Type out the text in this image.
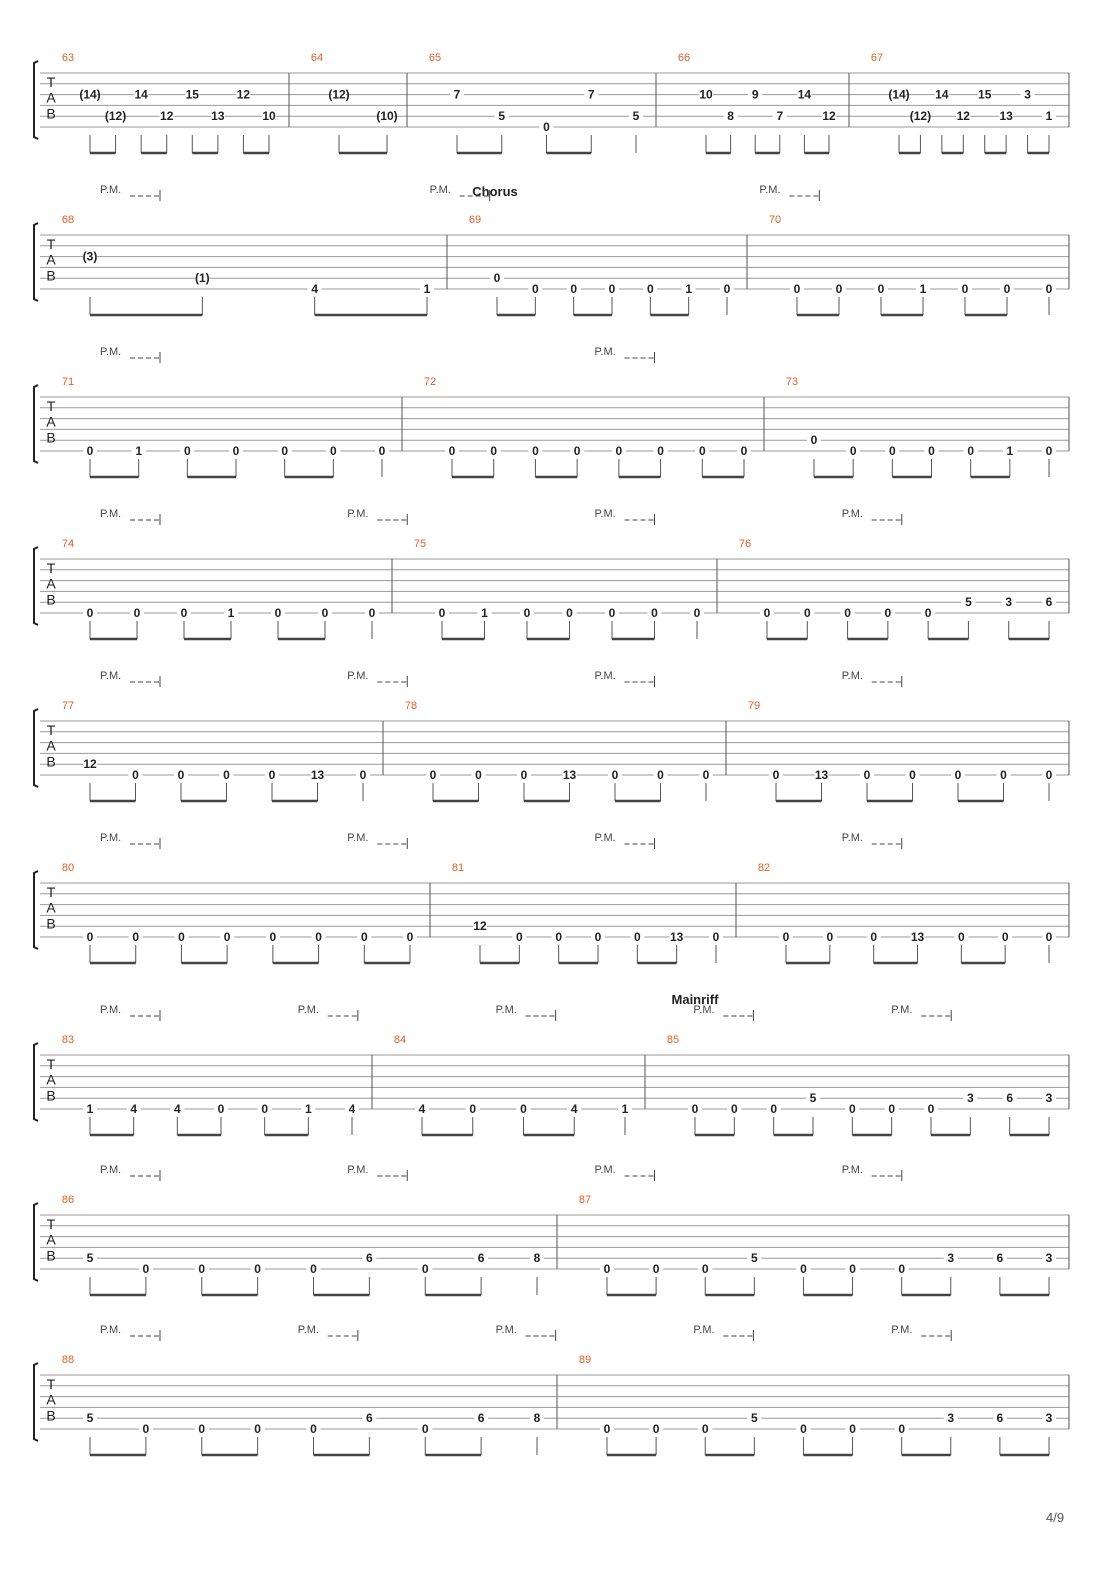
T
A
B
63
(14)
(12)
14
12
15
13
12
10
64
(12)
(10)
65
7
5
0
7
5
66
10
8
9
7
14
12
67
(14)
(12)
14
12
15
13
3
1
T
A
B
68
(3)
(1)
4	1
69
0
0	0	0	0	1	0
70
0	0	0	1	0	0	0
Chorus
P.M.	P.M.	P.M.
T
A
B
71
0	1	0	0	0	0	0
72
0	0	0	0	0	0	0	0
73
0
0	0	0	0	1	0
P.M.	P.M.
T
A
B
74
0	0	0	1	0	0	0
75
0	1	0	0	0	0	0
76
0	0	0	0	0
5	3	6
P.M.	P.M.	P.M.	P.M.
T
A
B
77
12
0	0	0	0	13	0
78
0	0	0	13	0	0	0
79
0	13	0	0	0	0	0
P.M.	P.M.	P.M.	P.M.
T
A
B
80
0	0	0	0	0	0	0	0
81
12
0	0	0	0 13 0
82
0	0	0	13	0	0	0
P.M.	P.M.	P.M.	P.M.
T
A
B
83
1	4	4	0	0	1	4
84
4	0	0	4	1
85
0	0	0
5
0	0	0
3	6	3
Mainriff
P.M.	P.M.	P.M.	P.M.	P.M.
T
A
B
86
5
0	0	0	0
6
0
6	8
87
0	0	0
5
0	0	0
3	6	3
P.M.	P.M.	P.M.	P.M.
T
A
B
88
5
0	0	0	0
6
0
6	8
89
0	0	0
5
0	0	0
3	6	3
P.M.	P.M.	P.M.	P.M.	P.M.
4/9
